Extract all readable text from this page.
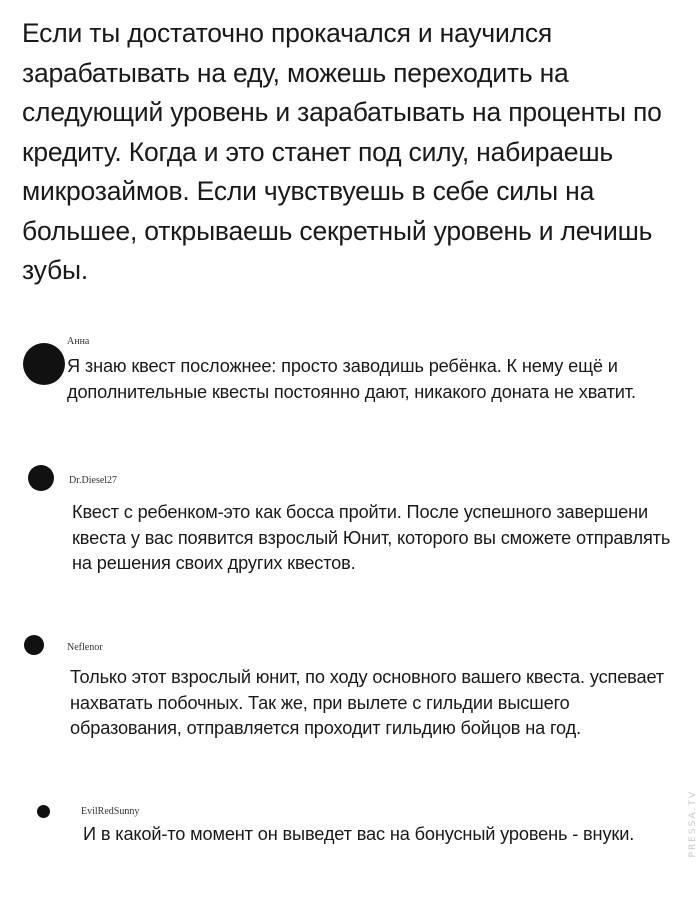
Если ты достаточно прокачался и научился зарабатывать на еду, можешь переходить на следующий уровень и зарабатывать на проценты по кредиту. Когда и это станет под силу, набираешь микрозаймов. Если чувствуешь в себе силы на большее, открываешь секретный уровень и лечишь зубы.

Анна

Я знаю квест посложнее: просто заводишь ребёнка. К нему ещё и дополнительные квесты постоянно дают, никакого доната не хватит.

Dr.Diesel27

Квест с ребенком-это как босса пройти. После успешного завершени квеста у вас появится взрослый Юнит, которого вы сможете отправлять на решения своих других квестов.

Neflenor

Только этот взрослый юнит, по ходу основного вашего квеста. успевает нахватать побочных. Так же, при вылете с гильдии высшего образования, отправляется проходит гильдию бойцов на год.

EvilRedSunny

И в какой-то момент он выведет вас на бонусный уровень - внуки.	PRESSA.TV
